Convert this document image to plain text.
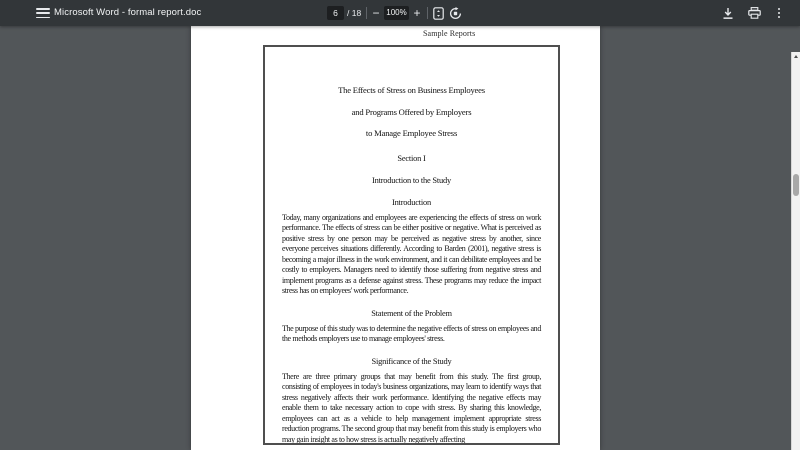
Microsoft Word - formal report.doc	6	/ 18 − 100% +
Sample Reports
The Effects of Stress on Business Employees
and Programs Offered by Employers
to Manage Employee Stress
Section I
Introduction to the Study
Introduction

Today, many organizations and employees are experiencing the effects of stress on work performance. The effects of stress can be either positive or negative. What is perceived as positive stress by one person may be perceived as negative stress by another, since everyone perceives situations differently. According to Barden (2001), negative stress is becoming a major illness in the work environment, and it can debilitate employees and be costly to employers. Managers need to identify those suffering from negative stress and implement programs as a defense against stress. These programs may reduce the impact stress has on employees' work performance.

Statement of the Problem

The purpose of this study was to determine the negative effects of stress on employees and the methods employers use to manage employees' stress.

Significance of the Study

There are three primary groups that may benefit from this study. The first group, consisting of employees in today's business organizations, may learn to identify ways that stress negatively affects their work performance. Identifying the negative effects may enable them to take necessary action to cope with stress. By sharing this knowledge, employees can act as a vehicle to help management implement appropriate stress reduction programs. The second group that may benefit from this study is employers who may gain insight as to how stress is actually negatively affecting
